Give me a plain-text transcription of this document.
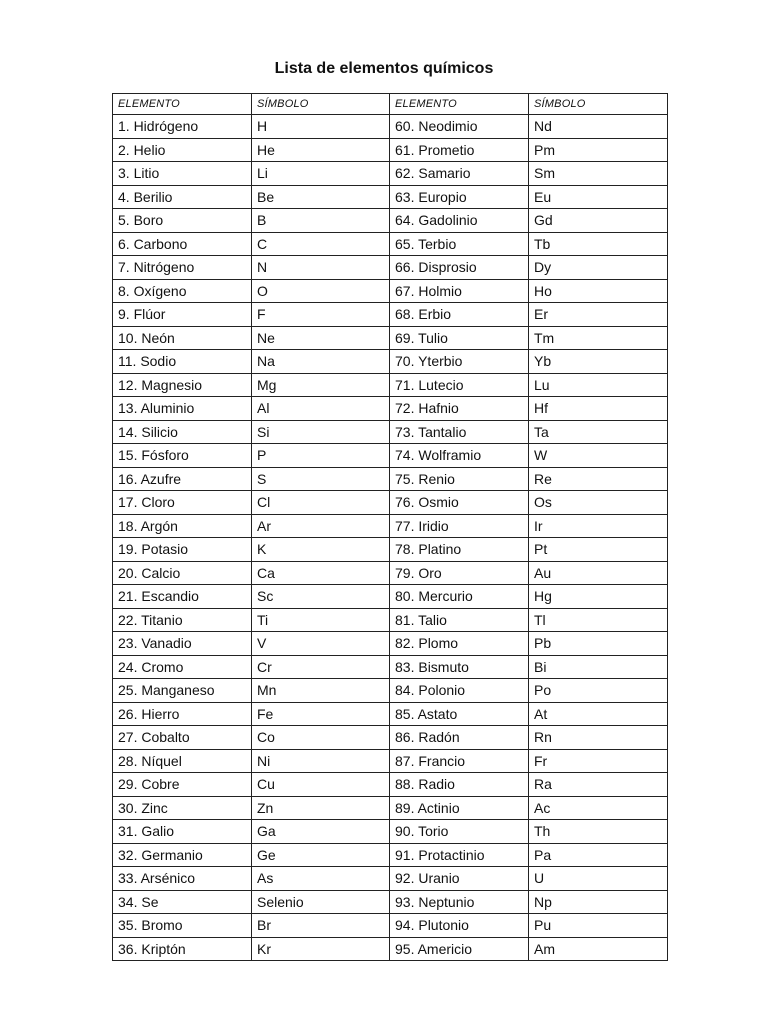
Lista de elementos químicos
ELEMENTO	SÍMBOLO	ELEMENTO	SÍMBOLO
1. Hidrógeno	H	60. Neodimio	Nd
2. Helio	He	61. Prometio	Pm
3. Litio	Li	62. Samario	Sm
4. Berilio	Be	63. Europio	Eu
5. Boro	B	64. Gadolinio	Gd
6. Carbono	C	65. Terbio	Tb
7. Nitrógeno	N	66. Disprosio	Dy
8. Oxígeno	O	67. Holmio	Ho
9. Flúor	F	68. Erbio	Er
10. Neón	Ne	69. Tulio	Tm
11. Sodio	Na	70. Yterbio	Yb
12. Magnesio	Mg	71. Lutecio	Lu
13. Aluminio	Al	72. Hafnio	Hf
14. Silicio	Si	73. Tantalio	Ta
15. Fósforo	P	74. Wolframio	W
16. Azufre	S	75. Renio	Re
17. Cloro	Cl	76. Osmio	Os
18. Argón	Ar	77. Iridio	Ir
19. Potasio	K	78. Platino	Pt
20. Calcio	Ca	79. Oro	Au
21. Escandio	Sc	80. Mercurio	Hg
22. Titanio	Ti	81. Talio	Tl
23. Vanadio	V	82. Plomo	Pb
24. Cromo	Cr	83. Bismuto	Bi
25. Manganeso	Mn	84. Polonio	Po
26. Hierro	Fe	85. Astato	At
27. Cobalto	Co	86. Radón	Rn
28. Níquel	Ni	87. Francio	Fr
29. Cobre	Cu	88. Radio	Ra
30. Zinc	Zn	89. Actinio	Ac
31. Galio	Ga	90. Torio	Th
32. Germanio	Ge	91. Protactinio	Pa
33. Arsénico	As	92. Uranio	U
34. Se	Selenio	93. Neptunio	Np
35. Bromo	Br	94. Plutonio	Pu
36. Kriptón	Kr	95. Americio	Am
